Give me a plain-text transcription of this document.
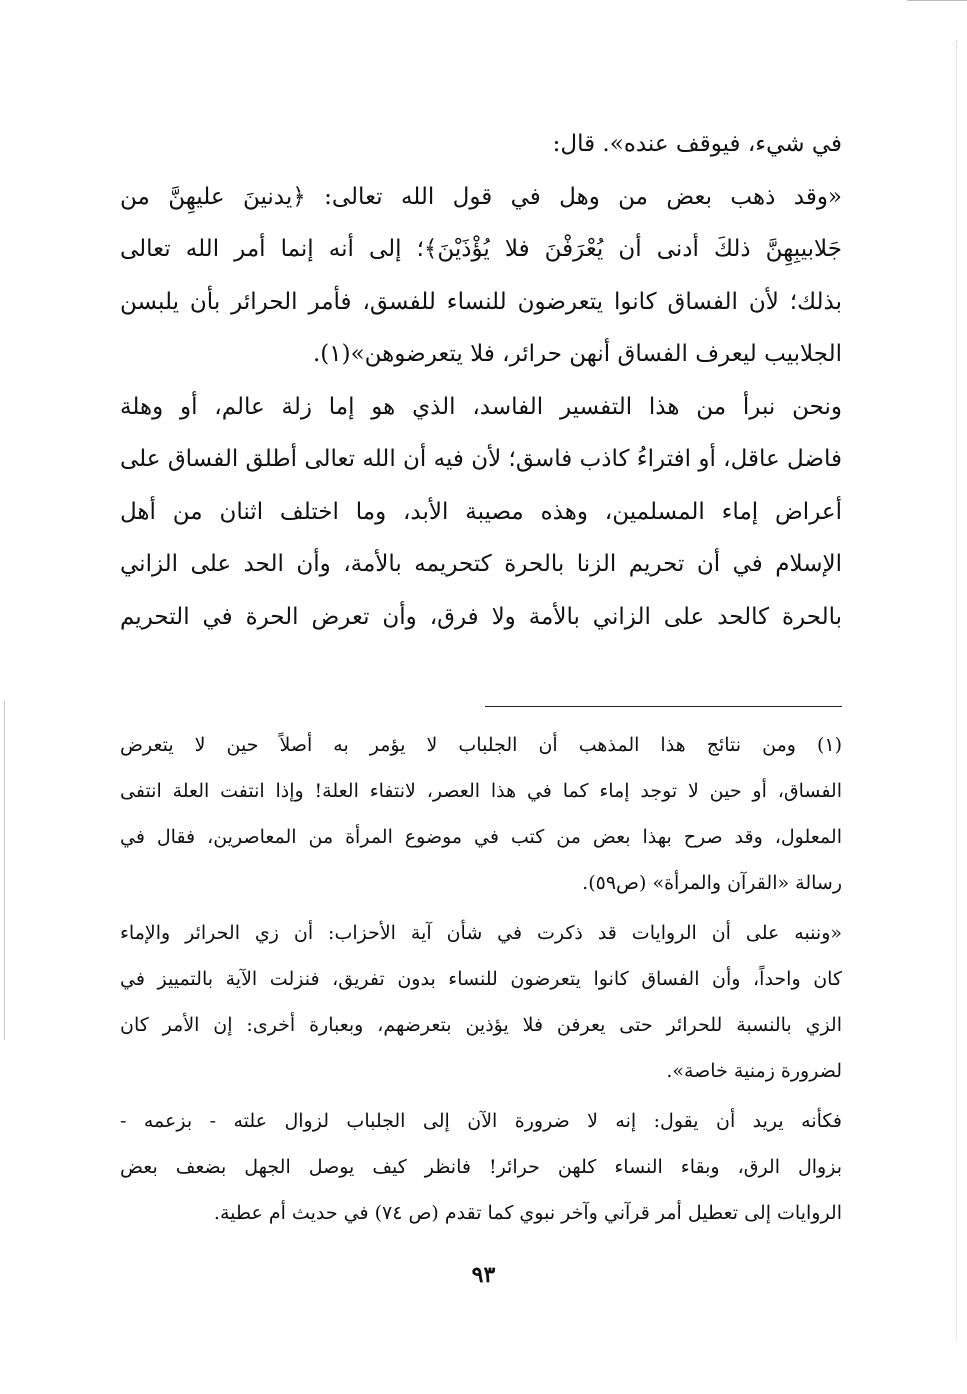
في شيء، فيوقف عنده». قال:
«وقد ذهب بعض من وهل في قول الله تعالى: ﴿يدنينَ عليهِنَّ من
جَلابيبِهِنَّ ذلكَ أدنى أن يُعْرَفْنَ فلا يُؤْذَيْنَ﴾؛ إلى أنه إنما أمر الله تعالى
بذلك؛ لأن الفساق كانوا يتعرضون للنساء للفسق، فأمر الحرائر بأن يلبسن
الجلابيب ليعرف الفساق أنهن حرائر، فلا يتعرضوهن»(١).
ونحن نبرأ من هذا التفسير الفاسد، الذي هو إما زلة عالم، أو وهلة
فاضل عاقل، أو افتراءُ كاذب فاسق؛ لأن فيه أن الله تعالى أطلق الفساق على
أعراض إماء المسلمين، وهذه مصيبة الأبد، وما اختلف اثنان من أهل
الإسلام في أن تحريم الزنا بالحرة كتحريمه بالأمة، وأن الحد على الزاني
بالحرة كالحد على الزاني بالأمة ولا فرق، وأن تعرض الحرة في التحريم
(١) ومن نتائج هذا المذهب أن الجلباب لا يؤمر به أصلاً حين لا يتعرض
الفساق، أو حين لا توجد إماء كما في هذا العصر، لانتفاء العلة! وإذا انتفت العلة انتفى
المعلول، وقد صرح بهذا بعض من كتب في موضوع المرأة من المعاصرين، فقال في
رسالة «القرآن والمرأة» (ص٥٩).
«وننبه على أن الروايات قد ذكرت في شأن آية الأحزاب: أن زي الحرائر والإماء
كان واحداً، وأن الفساق كانوا يتعرضون للنساء بدون تفريق، فنزلت الآية بالتمييز في
الزي بالنسبة للحرائر حتى يعرفن فلا يؤذين بتعرضهم، وبعبارة أخرى: إن الأمر كان
لضرورة زمنية خاصة».
فكأنه يريد أن يقول: إنه لا ضرورة الآن إلى الجلباب لزوال علته - بزعمه -
بزوال الرق، وبقاء النساء كلهن حرائر! فانظر كيف يوصل الجهل بضعف بعض
الروايات إلى تعطيل أمر قرآني وآخر نبوي كما تقدم (ص ٧٤) في حديث أم عطية.
٩٣
